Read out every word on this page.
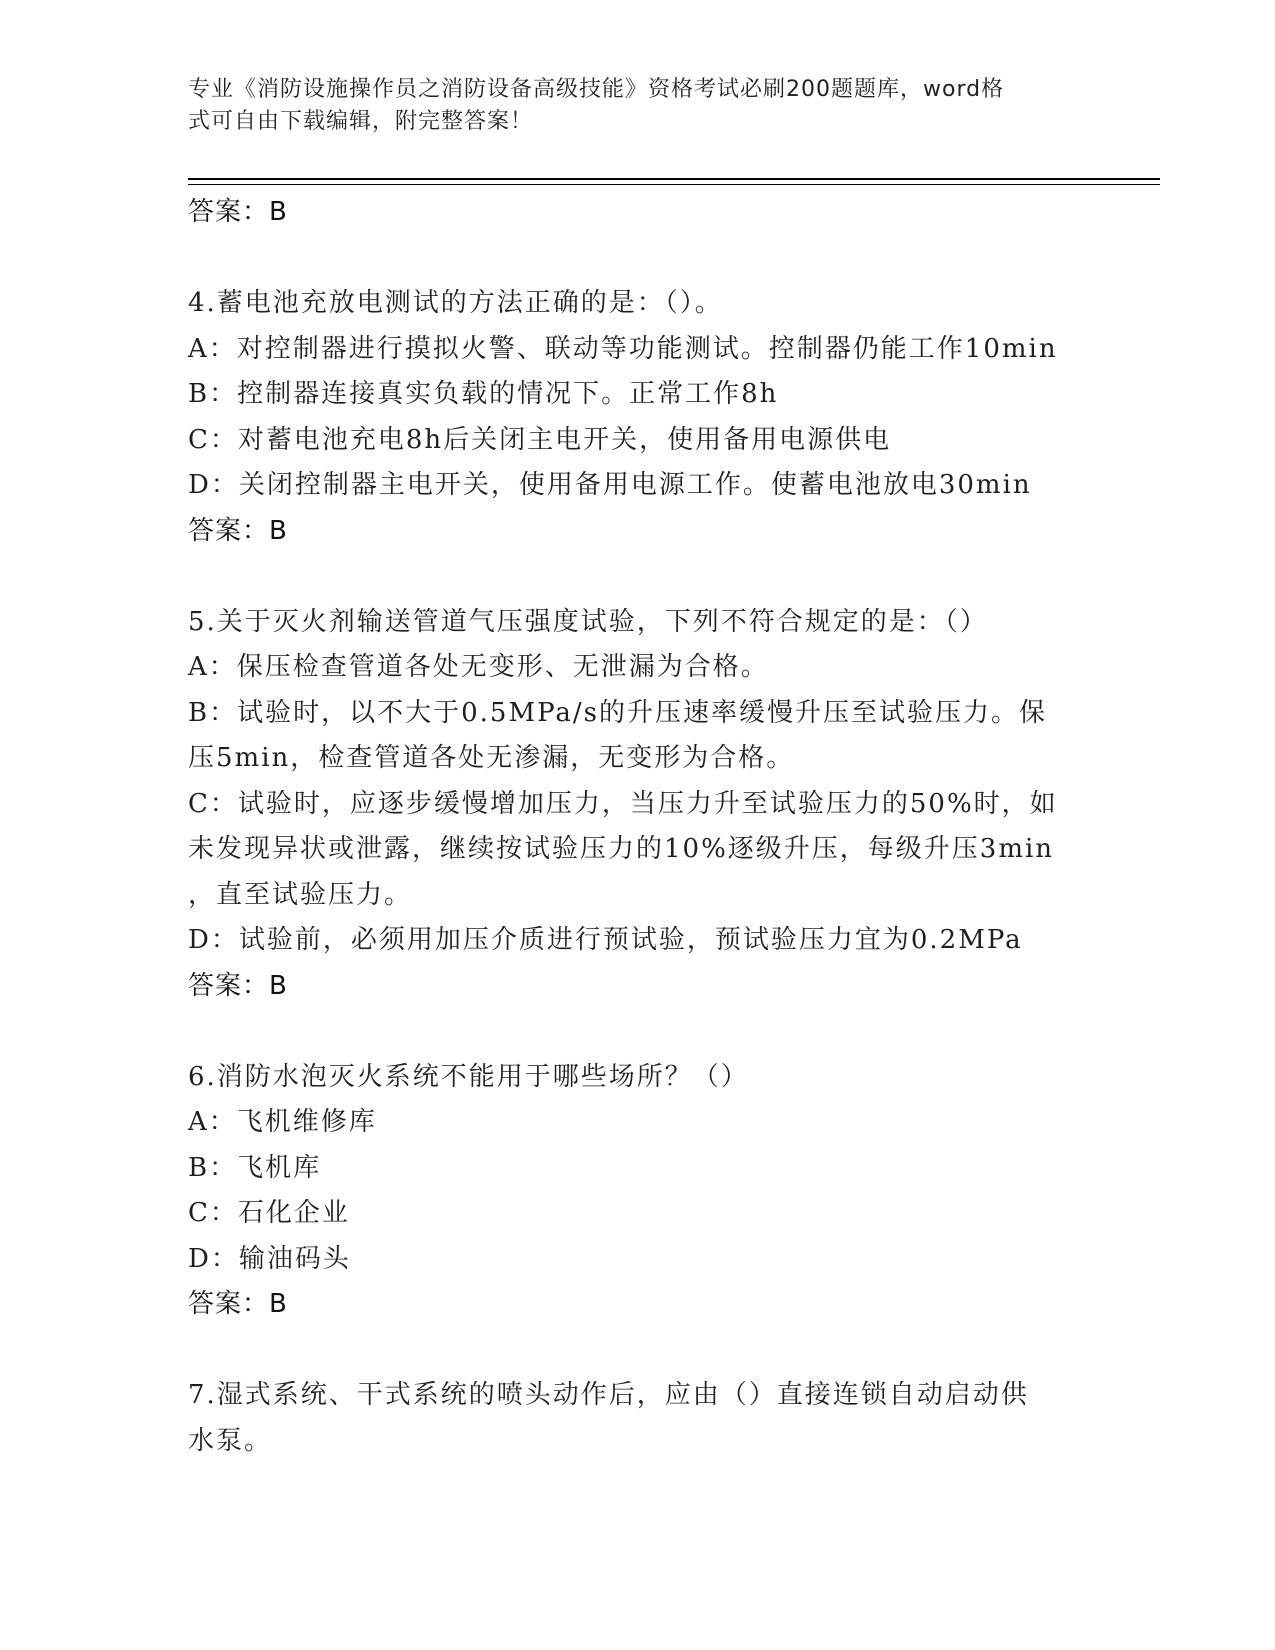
专业《消防设施操作员之消防设备高级技能》资格考试必刷200题题库，word格
式可自由下载编辑，附完整答案！
答案：B
4.蓄电池充放电测试的方法正确的是：（）。
A：对控制器进行摸拟火警、联动等功能测试。控制器仍能工作10min
B：控制器连接真实负载的情况下。正常工作8h
C：对蓄电池充电8h后关闭主电开关，使用备用电源供电
D：关闭控制器主电开关，使用备用电源工作。使蓄电池放电30min
答案：B
5.关于灭火剂输送管道气压强度试验，下列不符合规定的是：（）
A：保压检查管道各处无变形、无泄漏为合格。
B：试验时，以不大于0.5MPa/s的升压速率缓慢升压至试验压力。保
压5min，检查管道各处无渗漏，无变形为合格。
C：试验时，应逐步缓慢增加压力，当压力升至试验压力的50%时，如
未发现异状或泄露，继续按试验压力的10%逐级升压，每级升压3min
，直至试验压力。
D：试验前，必须用加压介质进行预试验，预试验压力宜为0.2MPa
答案：B
6.消防水泡灭火系统不能用于哪些场所？（）
A：飞机维修库
B：飞机库
C：石化企业
D：输油码头
答案：B
7.湿式系统、干式系统的喷头动作后，应由（）直接连锁自动启动供
水泵。
